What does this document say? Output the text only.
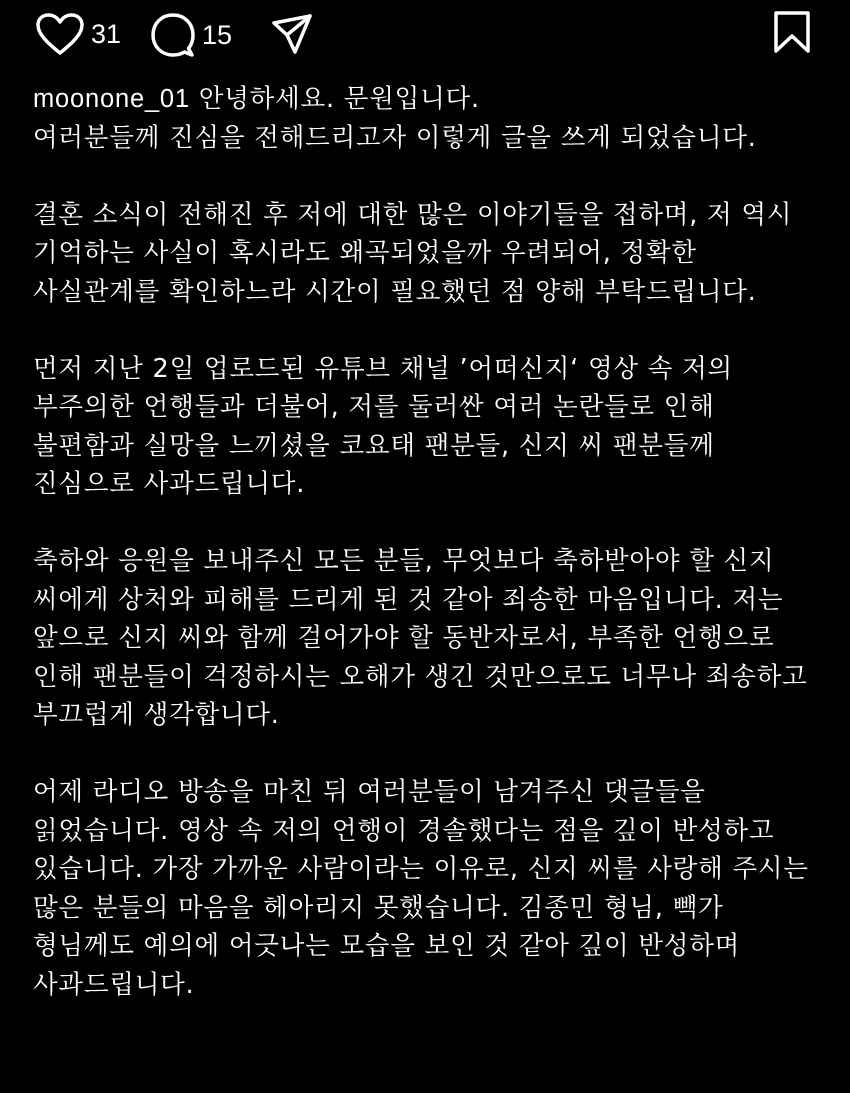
31	15
moonone_01 안녕하세요. 문원입니다.
여러분들께 진심을 전해드리고자 이렇게 글을 쓰게 되었습니다.
결혼 소식이 전해진 후 저에 대한 많은 이야기들을 접하며, 저 역시
기억하는 사실이 혹시라도 왜곡되었을까 우려되어, 정확한
사실관계를 확인하느라 시간이 필요했던 점 양해 부탁드립니다.
먼저 지난 2일 업로드된 유튜브 채널 ’어떠신지‘ 영상 속 저의
부주의한 언행들과 더불어, 저를 둘러싼 여러 논란들로 인해
불편함과 실망을 느끼셨을 코요태 팬분들, 신지 씨 팬분들께
진심으로 사과드립니다.
축하와 응원을 보내주신 모든 분들, 무엇보다 축하받아야 할 신지
씨에게 상처와 피해를 드리게 된 것 같아 죄송한 마음입니다. 저는
앞으로 신지 씨와 함께 걸어가야 할 동반자로서, 부족한 언행으로
인해 팬분들이 걱정하시는 오해가 생긴 것만으로도 너무나 죄송하고
부끄럽게 생각합니다.
어제 라디오 방송을 마친 뒤 여러분들이 남겨주신 댓글들을
읽었습니다. 영상 속 저의 언행이 경솔했다는 점을 깊이 반성하고
있습니다. 가장 가까운 사람이라는 이유로, 신지 씨를 사랑해 주시는
많은 분들의 마음을 헤아리지 못했습니다. 김종민 형님, 빽가
형님께도 예의에 어긋나는 모습을 보인 것 같아 깊이 반성하며
사과드립니다.
